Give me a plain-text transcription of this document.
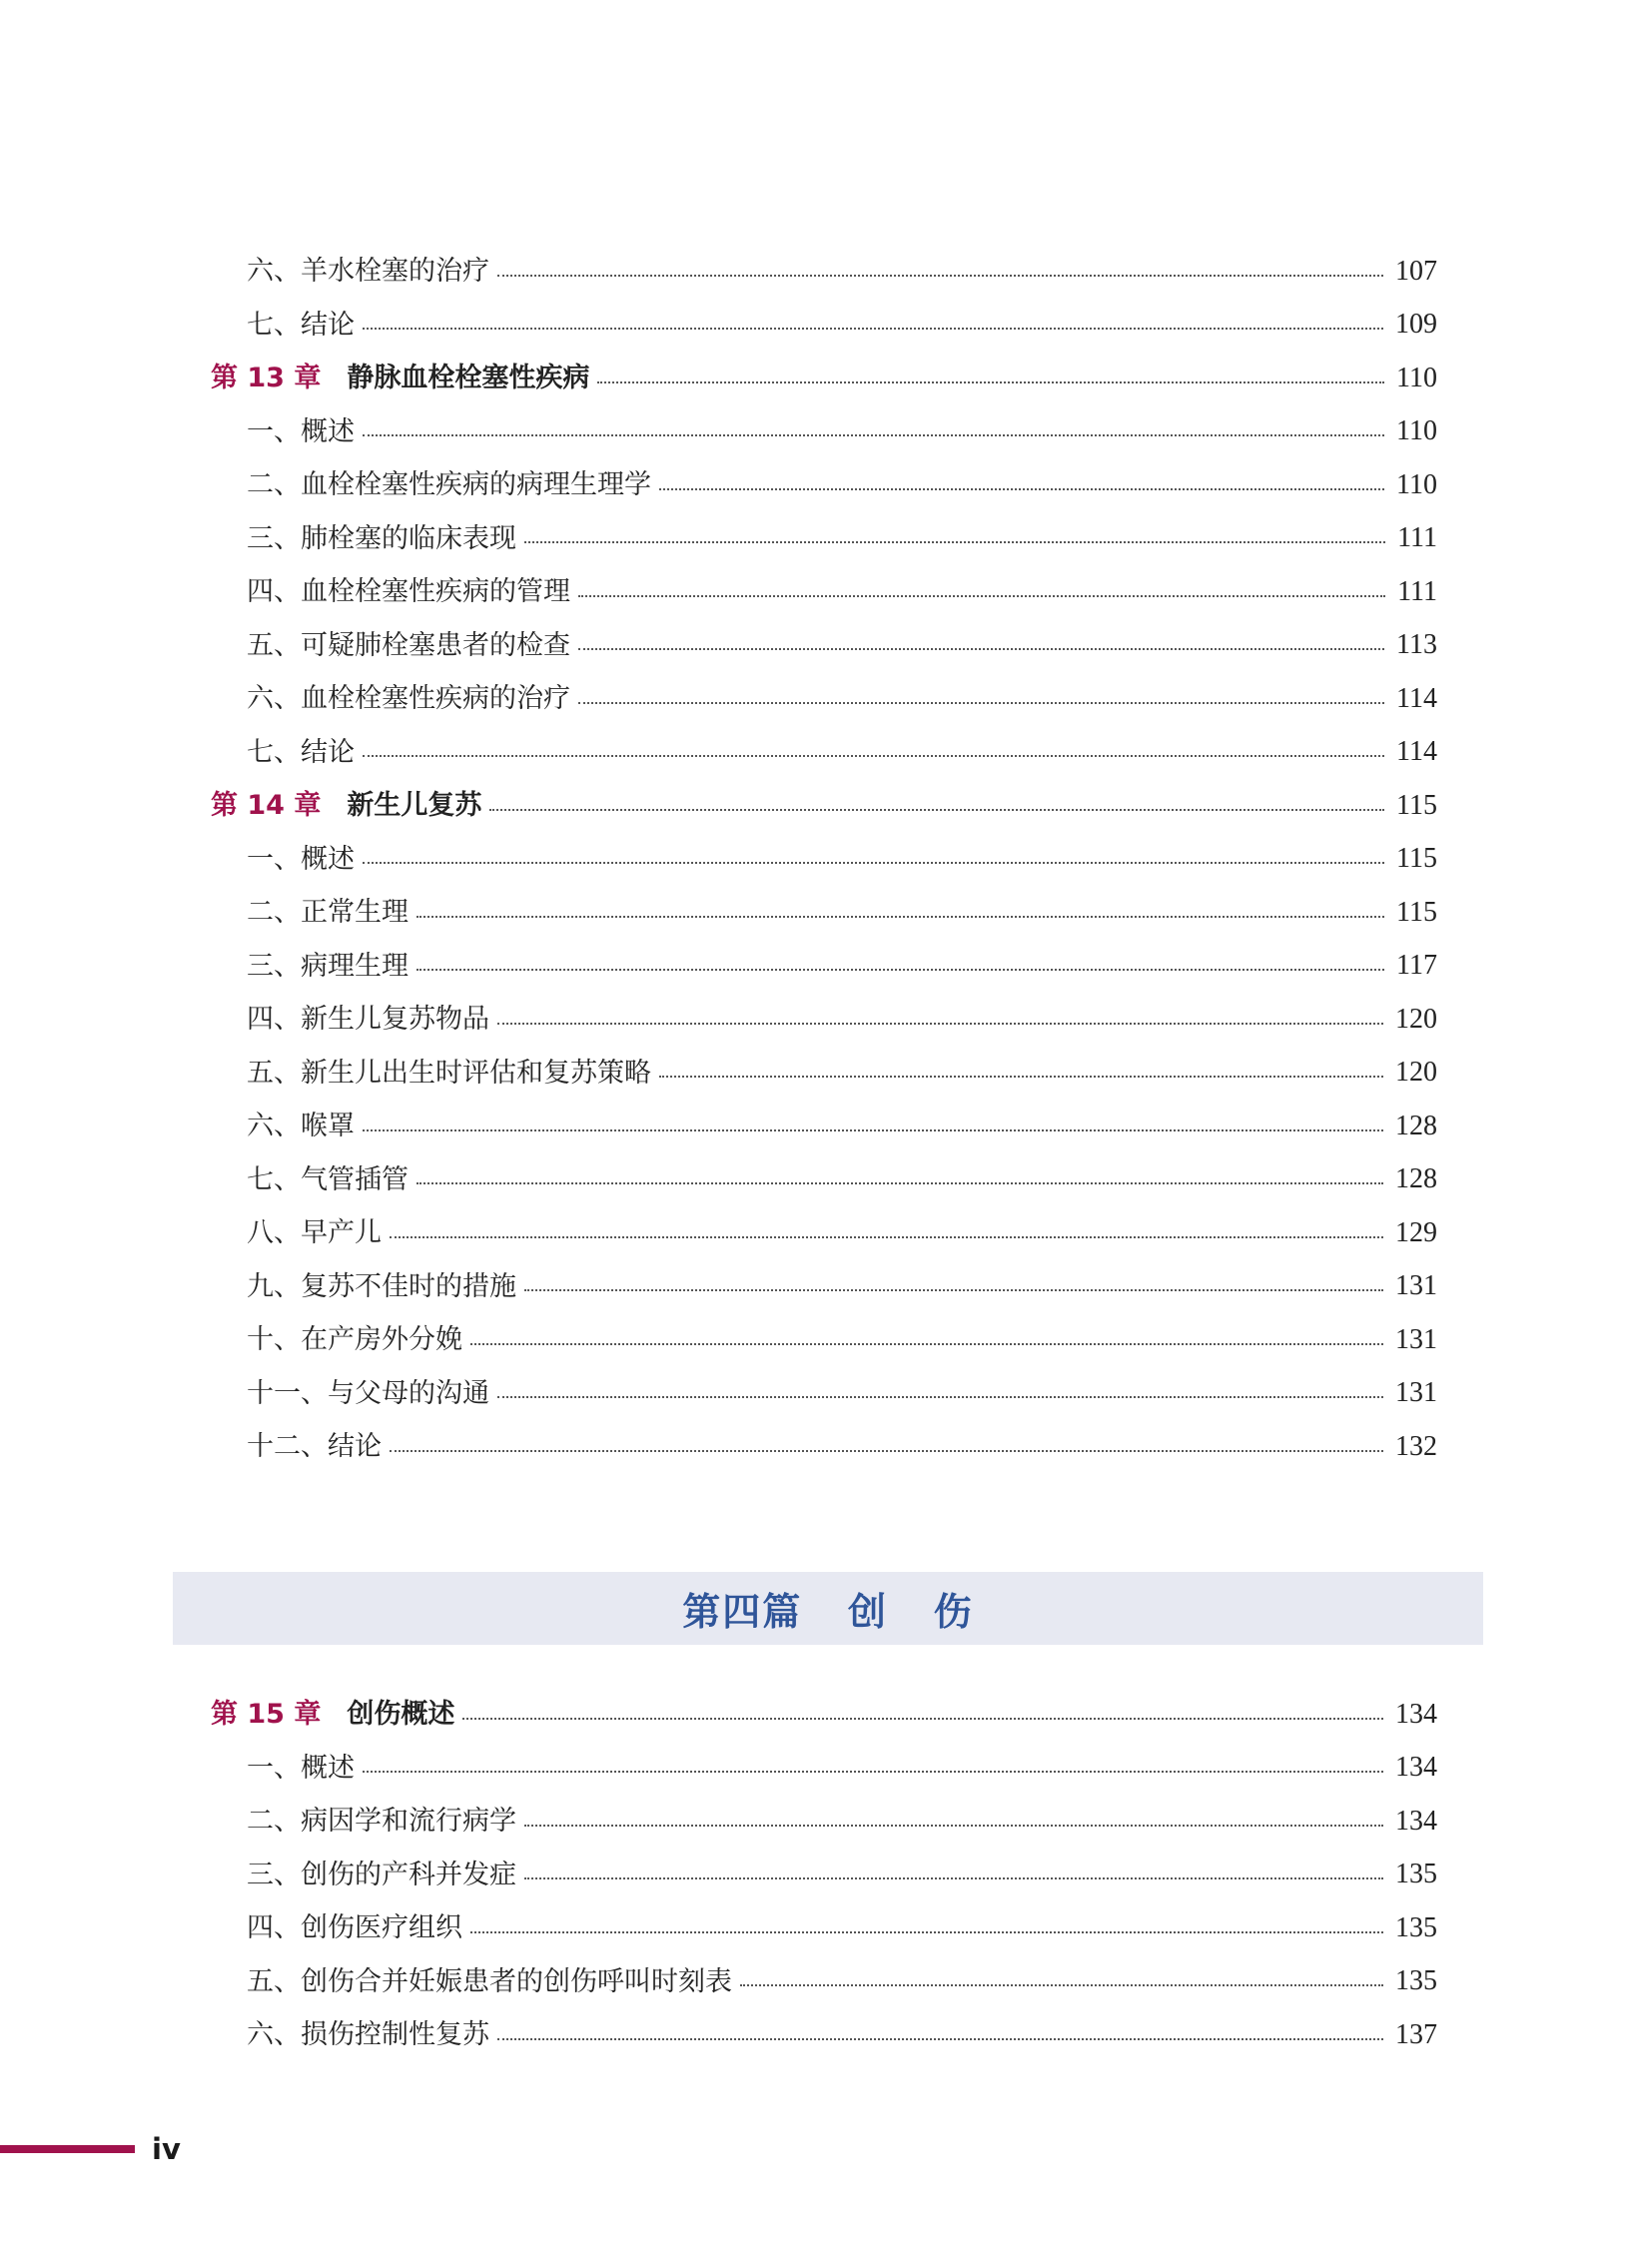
六、羊水栓塞的治疗	107
七、结论	109
第 13 章 静脉血栓栓塞性疾病	110
一、概述	110
二、血栓栓塞性疾病的病理生理学	110
三、肺栓塞的临床表现	111
四、血栓栓塞性疾病的管理	111
五、可疑肺栓塞患者的检查	113
六、血栓栓塞性疾病的治疗	114
七、结论	114
第 14 章 新生儿复苏	115
一、概述	115
二、正常生理	115
三、病理生理	117
四、新生儿复苏物品	120
五、新生儿出生时评估和复苏策略	120
六、喉罩	128
七、气管插管	128
八、早产儿	129
九、复苏不佳时的措施	131
十、在产房外分娩	131
十一、与父母的沟通	131
十二、结论	132
第四篇   创   伤
第 15 章 创伤概述	134
一、概述	134
二、病因学和流行病学	134
三、创伤的产科并发症	135
四、创伤医疗组织	135
五、创伤合并妊娠患者的创伤呼叫时刻表	135
六、损伤控制性复苏	137
iv
